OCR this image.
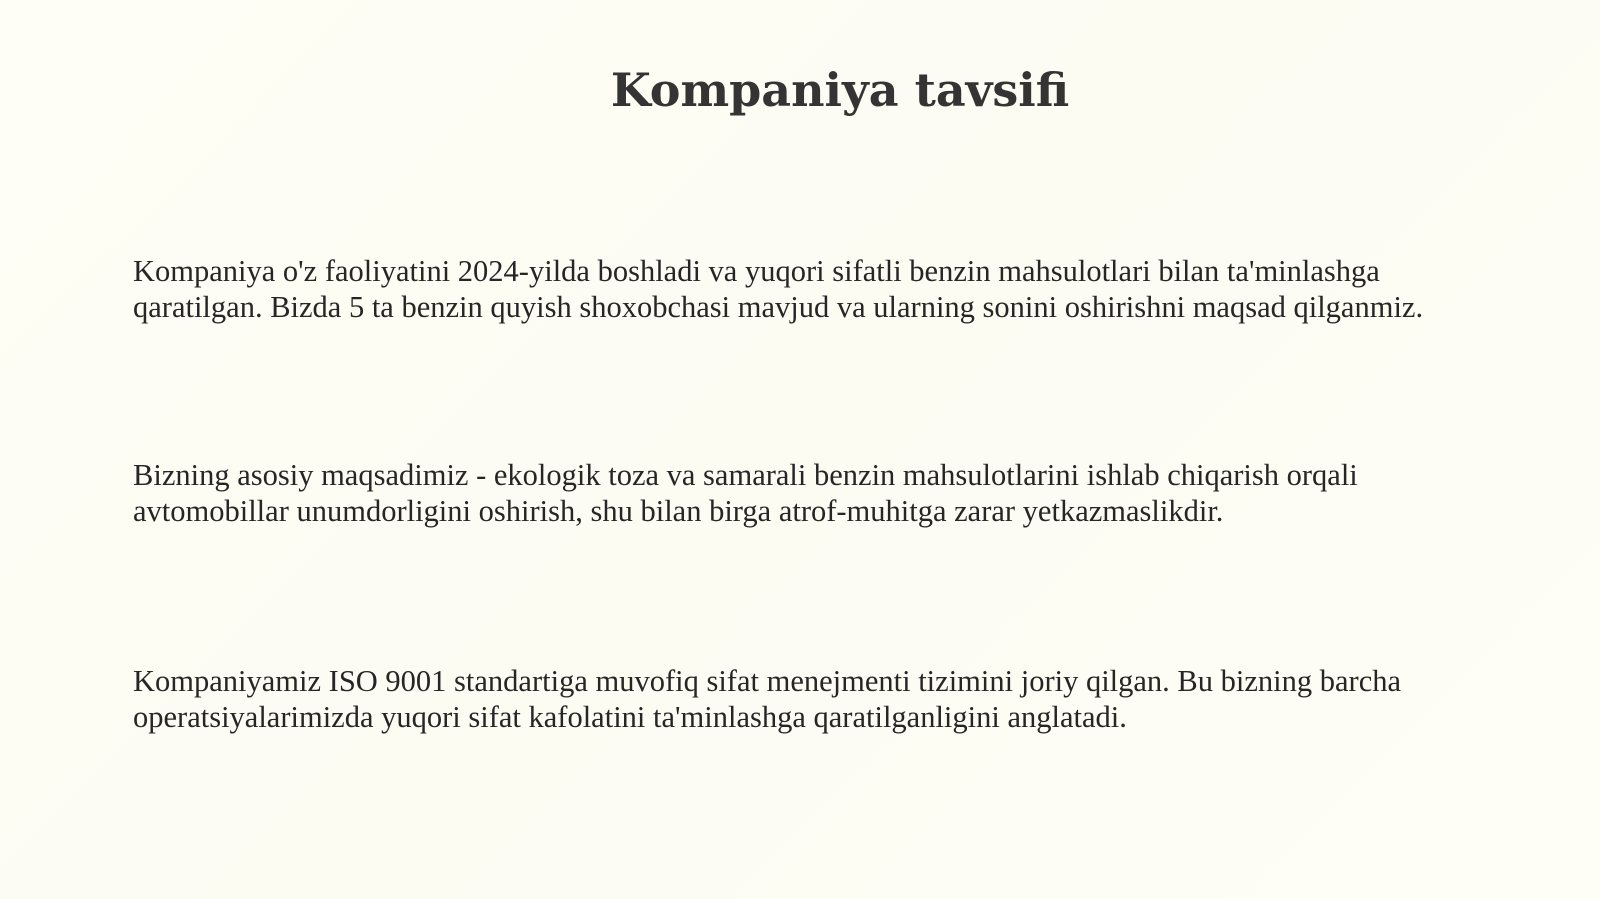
Kompaniya tavsifi

Kompaniya o'z faoliyatini 2024-yilda boshladi va yuqori sifatli benzin mahsulotlari bilan ta'minlashga qaratilgan. Bizda 5 ta benzin quyish shoxobchasi mavjud va ularning sonini oshirishni maqsad qilganmiz.

Bizning asosiy maqsadimiz - ekologik toza va samarali benzin mahsulotlarini ishlab chiqarish orqali avtomobillar unumdorligini oshirish, shu bilan birga atrof-muhitga zarar yetkazmaslikdir.

Kompaniyamiz ISO 9001 standartiga muvofiq sifat menejmenti tizimini joriy qilgan. Bu bizning barcha operatsiyalarimizda yuqori sifat kafolatini ta'minlashga qaratilganligini anglatadi.
